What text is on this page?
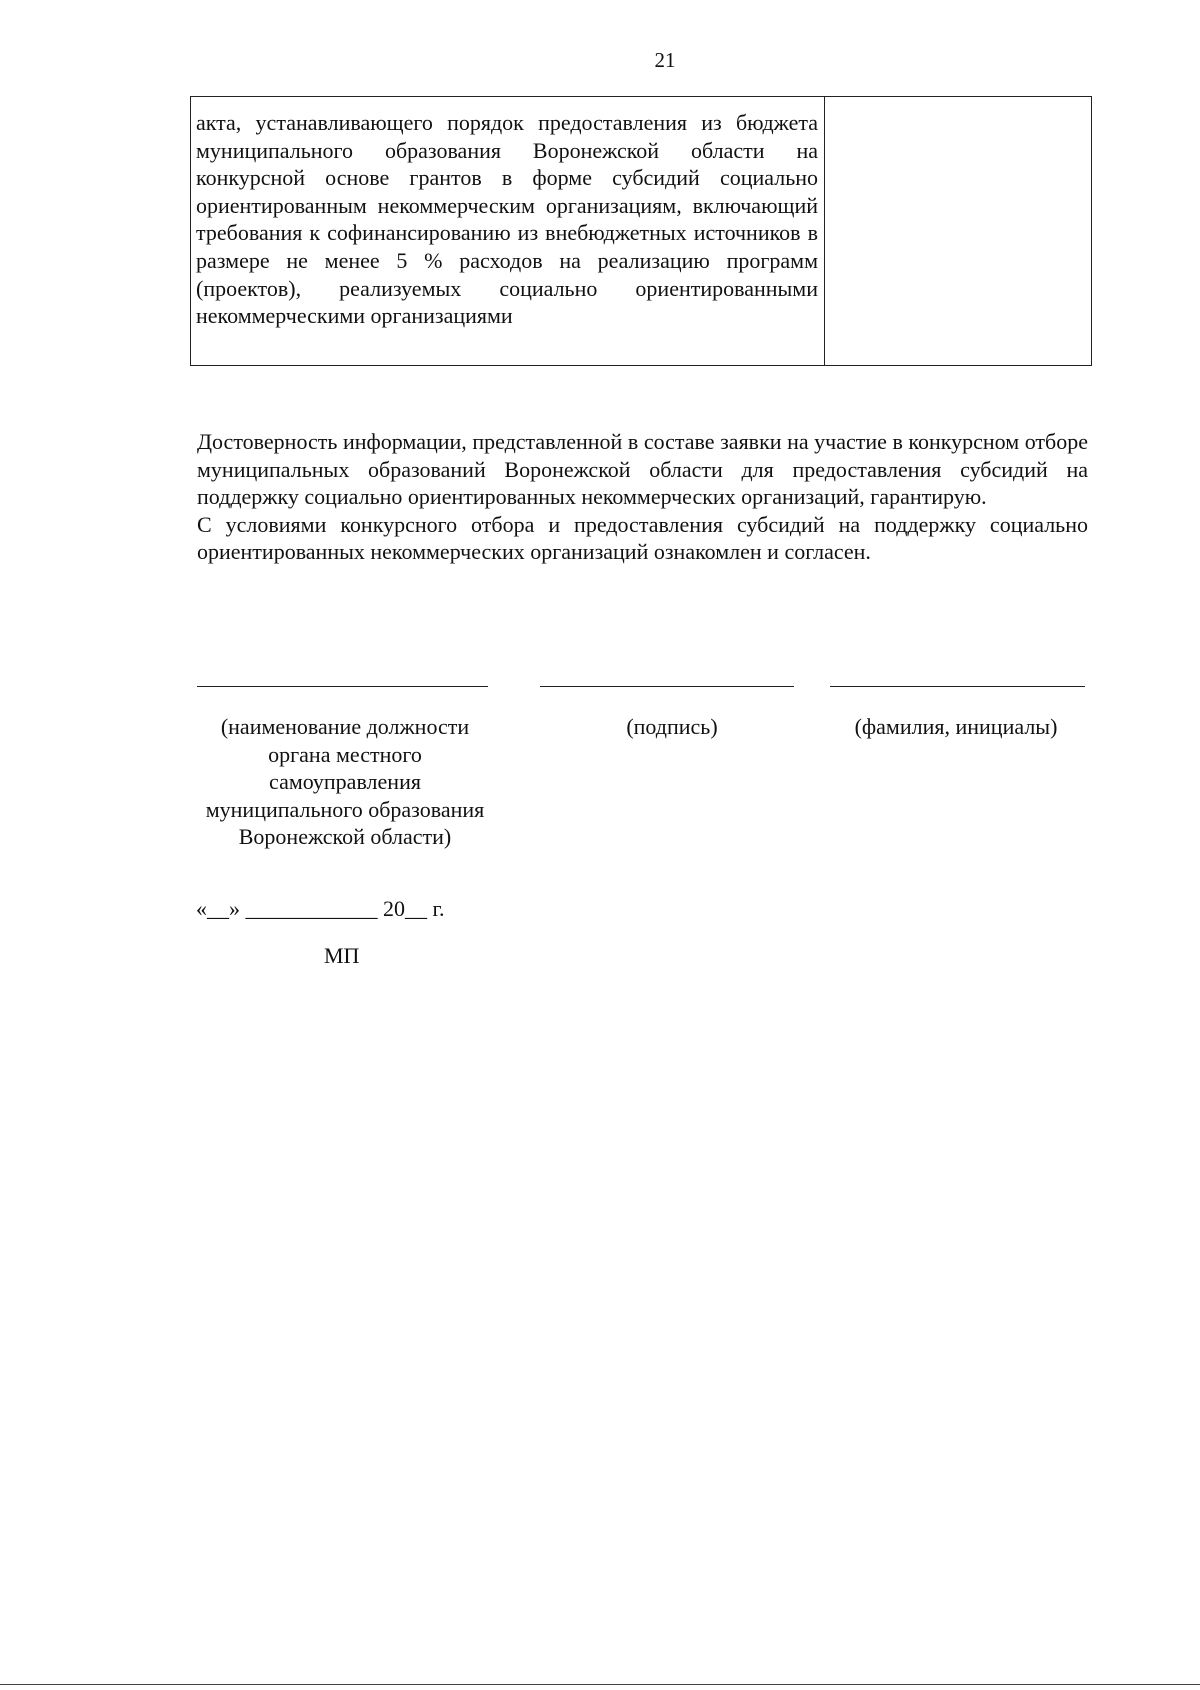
21

акта, устанавливающего порядок предоставления из бюджета муниципального образования Воронежской области на конкурсной основе грантов в форме субсидий социально ориентированным некоммерческим организациям, включающий требования к софинансированию из внебюджетных источников в размере не менее 5 % расходов на реализацию программ (проектов), реализуемых социально ориентированными некоммерческими организациями

Достоверность информации, представленной в составе заявки на участие в конкурсном отборе муниципальных образований Воронежской области для предоставления субсидий на поддержку социально ориентированных некоммерческих организаций, гарантирую.

С условиями конкурсного отбора и предоставления субсидий на поддержку социально ориентированных некоммерческих организаций ознакомлен и согласен.

(наименование должности органа местного самоуправления муниципального образования Воронежской области)
(подпись)	(фамилия, инициалы)
«__» ____________ 20__ г.
МП
